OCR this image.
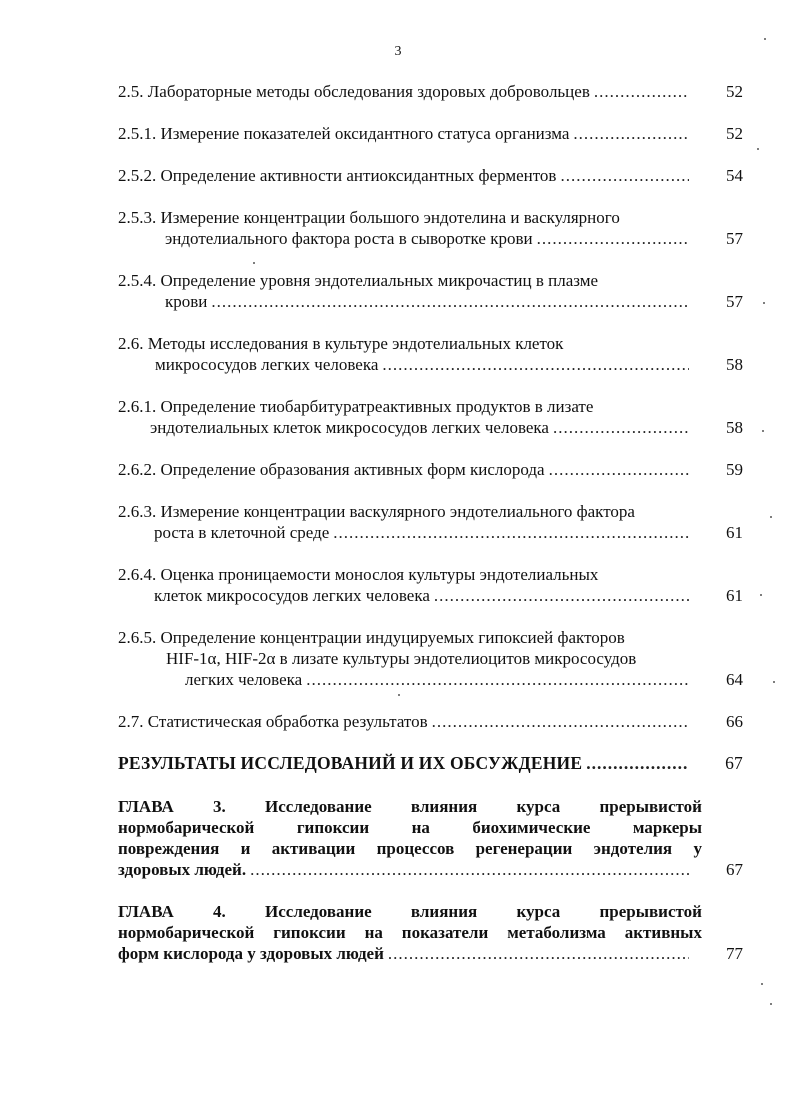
3
2.5. Лабораторные методы обследования здоровых добровольцев .....	52
2.5.1. Измерение показателей оксидантного статуса организма .....	52
2.5.2. Определение активности антиоксидантных ферментов .....	54
2.5.3. Измерение концентрации большого эндотелина и васкулярного
эндотелиального фактора роста в сыворотке крови .....	57
2.5.4. Определение уровня эндотелиальных микрочастиц в плазме
крови .....	57
2.6. Методы исследования в культуре эндотелиальных клеток
микрососудов легких человека .....	58
2.6.1. Определение тиобарбитуратреактивных продуктов в лизате
эндотелиальных клеток микрососудов легких человека .....	58
2.6.2. Определение образования активных форм кислорода .....	59
2.6.3. Измерение концентрации васкулярного эндотелиального фактора
роста в клеточной среде .....	61
2.6.4. Оценка проницаемости монослоя культуры эндотелиальных
клеток микрососудов легких человека .....	61
2.6.5. Определение концентрации индуцируемых гипоксией факторов
HIF-1α, HIF-2α в лизате культуры эндотелиоцитов микрососудов
легких человека .....	64
2.7. Статистическая обработка результатов .....	66
РЕЗУЛЬТАТЫ ИССЛЕДОВАНИЙ И ИХ ОБСУЖДЕНИЕ .....	67
ГЛАВА 3. Исследование влияния курса прерывистой
нормобарической гипоксии на биохимические маркеры
повреждения и активации процессов регенерации эндотелия у
здоровых людей. .....	67
ГЛАВА 4. Исследование влияния курса прерывистой
нормобарической гипоксии на показатели метаболизма активных
форм кислорода у здоровых людей .....	77
